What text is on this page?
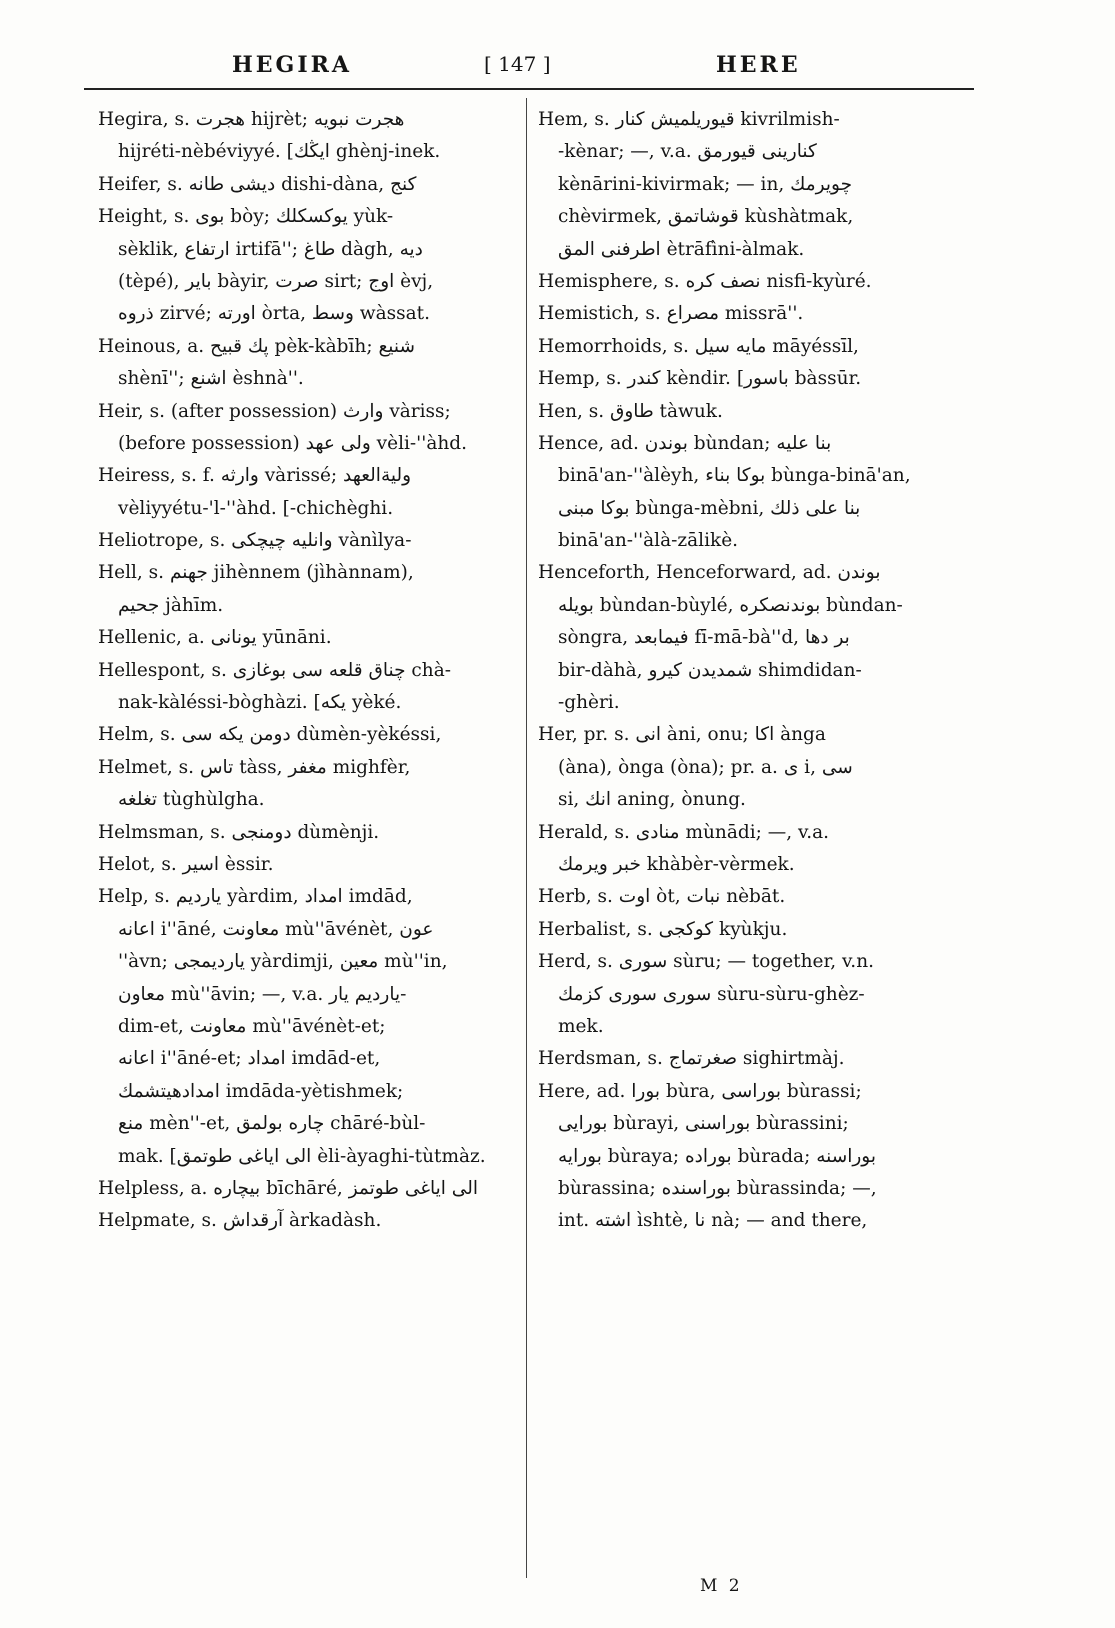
HEGIRA	[ 147 ]	HERE
Hegira, s. هجرت hijrèt; هجرت نبويه
hijréti-nèbéviyyé. [ايڭك ghènj-inek.
Heifer, s. ديشی طانه dishi-dàna, كنج
Height, s. بوی bòy; يوكسكلك yùk-
sèklik, ارتفاع irtifā''; طاغ dàgh, ديه
(tèpé), باير bàyir, صرت sirt; اوج èvj,
ذروه zirvé; اورته òrta, وسط wàssat.
Heinous, a. پك قبيح pèk-kàbīh; شنيع
shènī''; اشنع èshnà''.
Heir, s. (after possession) وارث vàriss;
(before possession) ولی عهد vèli-''àhd.
Heiress, s. f. وارثه vàrissé; وليةالعهد
vèliyyétu-'l-''àhd. [-chichèghi.
Heliotrope, s. وانليه چيچكی vànìlya-
Hell, s. جهنم jihènnem (jìhànnam),
جحيم jàhīm.
Hellenic, a. يونانی yūnāni.
Hellespont, s. چناق قلعه سی بوغازی chà-
nak-kàléssi-bòghàzi. [يكه yèké.
Helm, s. دومن يكه سی dùmèn-yèkéssi,
Helmet, s. تاس tàss, مغفر mighfèr,
تغلغه tùghùlgha.
Helmsman, s. دومنجی dùmènji.
Helot, s. اسير èssir.
Help, s. يارديم yàrdim, امداد imdād,
اعانه i''āné, معاونت mù''āvénèt, عون
''àvn; يارديمجی yàrdimji, معين mù''in,
معاون mù''āvin; —, v.a. يارديم يار-
dim-et, معاونت mù''āvénèt-et;
اعانه i''āné-et; امداد imdād-et,
امدادهيتشمك imdāda-yètishmek;
منع mèn''-et, چاره بولمق chāré-bùl-
mak. [الی اياغی طوتمق èli-àyaghi-tùtmàz.
Helpless, a. بيچاره bīchāré, الی اياغی طوتمز
Helpmate, s. آرقداش àrkadàsh.
Hem, s. قيوريلميش كنار kivrilmish-
-kènar; —, v.a. كنارينی قيورمق
kènārini-kivirmak; — in, چويرمك
chèvirmek, قوشاتمق kùshàtmak,
اطرفنی المق ètrāfìni-àlmak.
Hemisphere, s. نصف كره nisfi-kyùré.
Hemistich, s. مصراع missrā''.
Hemorrhoids, s. مايه سيل māyéssīl,
Hemp, s. كندر kèndir. [باسور bàssūr.
Hen, s. طاوق tàwuk.
Hence, ad. بوندن bùndan; بنا عليه
binā'an-''àlèyh, بوكا بناء bùnga-binā'an,
بوكا مبنی bùnga-mèbni, بنا علی ذلك
binā'an-''àlà-zālikè.
Henceforth, Henceforward, ad. بوندن
بويله bùndan-bùylé, بوندنصكره bùndan-
sòngra, فيمابعد fī-mā-bà''d, بر دها
bir-dàhà, شمدیدن كيرو shimdidan-
-ghèri.
Her, pr. s. انی àni, onu; اكا ànga
(àna), ònga (òna); pr. a. ی i, سی
si, انك aning, ònung.
Herald, s. منادی mùnādi; —, v.a.
خبر ويرمك khàbèr-vèrmek.
Herb, s. اوت òt, نبات nèbāt.
Herbalist, s. كوكجی kyùkju.
Herd, s. سوری sùru; — together, v.n.
سوری سوری كزمك sùru-sùru-ghèz-
mek.
Herdsman, s. صغرتماج sighirtmàj.
Here, ad. بورا bùra, بوراسی bùrassi;
بورايی bùrayi, بوراسنی bùrassini;
بورايه bùraya; بوراده bùrada; بوراسنه
bùrassina; بوراسنده bùrassinda; —,
int. اشته ìshtè, نا nà; — and there,
M 2
